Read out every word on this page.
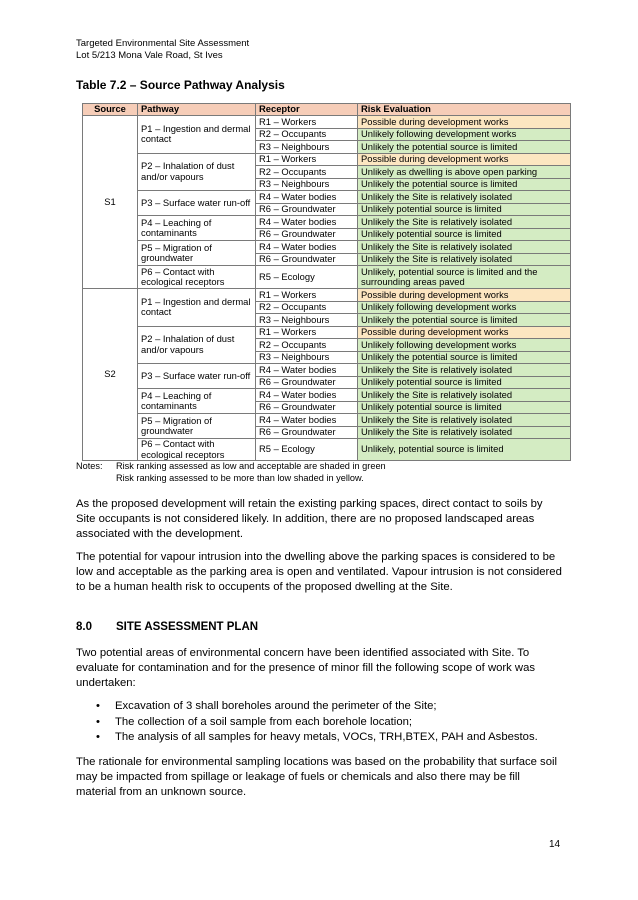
Targeted Environmental Site Assessment
Lot 5/213 Mona Vale Road, St Ives
Table 7.2 – Source Pathway Analysis
Source	Pathway	Receptor	Risk Evaluation
S1	P1 – Ingestion and dermal contact	R1 – Workers	Possible during development works
		R2 – Occupants	Unlikely following development works
		R3 – Neighbours	Unlikely the potential source is limited
	P2 – Inhalation of dust and/or vapours	R1 – Workers	Possible during development works
		R2 – Occupants	Unlikely as dwelling is above open parking
		R3 – Neighbours	Unlikely the potential source is limited
	P3 – Surface water run-off	R4 – Water bodies	Unlikely the Site is relatively isolated
		R6 – Groundwater	Unlikely potential source is limited
	P4 – Leaching of contaminants	R4 – Water bodies	Unlikely the Site is relatively isolated
		R6 – Groundwater	Unlikely potential source is limited
	P5 – Migration of groundwater	R4 – Water bodies	Unlikely the Site is relatively isolated
		R6 – Groundwater	Unlikely the Site is relatively isolated
	P6 – Contact with ecological receptors	R5 – Ecology	Unlikely, potential source is limited and the surrounding areas paved
S2	P1 – Ingestion and dermal contact	R1 – Workers	Possible during development works
		R2 – Occupants	Unlikely following development works
		R3 – Neighbours	Unlikely the potential source is limited
	P2 – Inhalation of dust and/or vapours	R1 – Workers	Possible during development works
		R2 – Occupants	Unlikely following development works
		R3 – Neighbours	Unlikely the potential source is limited
	P3 – Surface water run-off	R4 – Water bodies	Unlikely the Site is relatively isolated
		R6 – Groundwater	Unlikely potential source is limited
	P4 – Leaching of contaminants	R4 – Water bodies	Unlikely the Site is relatively isolated
		R6 – Groundwater	Unlikely potential source is limited
	P5 – Migration of groundwater	R4 – Water bodies	Unlikely the Site is relatively isolated
		R6 – Groundwater	Unlikely the Site is relatively isolated
	P6 – Contact with ecological receptors	R5 – Ecology	Unlikely, potential source is limited
Notes: Risk ranking assessed as low and acceptable are shaded in green
Risk ranking assessed to be more than low shaded in yellow.

As the proposed development will retain the existing parking spaces, direct contact to soils by Site occupants is not considered likely. In addition, there are no proposed landscaped areas associated with the development.

The potential for vapour intrusion into the dwelling above the parking spaces is considered to be low and acceptable as the parking area is open and ventilated. Vapour intrusion is not considered to be a human health risk to occupents of the proposed dwelling at the Site.

8.0 SITE ASSESSMENT PLAN

Two potential areas of environmental concern have been identified associated with Site. To evaluate for contamination and for the presence of minor fill the following scope of work was undertaken:

• Excavation of 3 shall boreholes around the perimeter of the Site;
• The collection of a soil sample from each borehole location;
• The analysis of all samples for heavy metals, VOCs, TRH,BTEX, PAH and Asbestos.

The rationale for environmental sampling locations was based on the probability that surface soil may be impacted from spillage or leakage of fuels or chemicals and also there may be fill material from an unknown source.

14
